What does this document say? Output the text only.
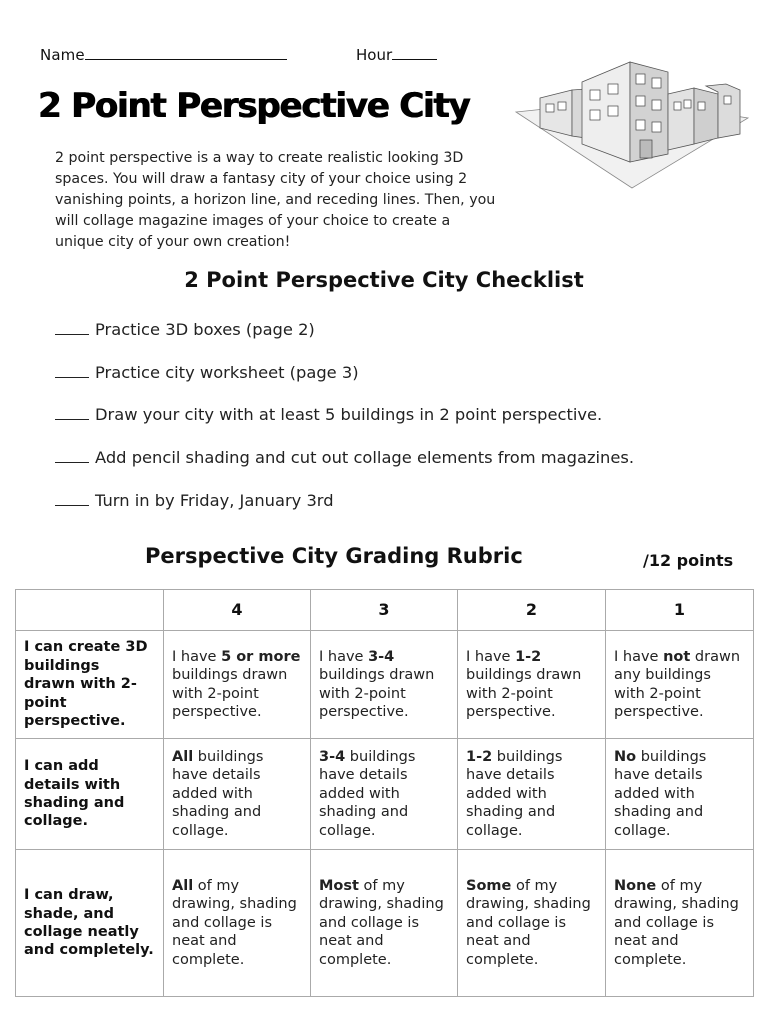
Name	Hour
2 Point Perspective City

2 point perspective is a way to create realistic looking 3D spaces. You will draw a fantasy city of your choice using 2 vanishing points, a horizon line, and receding lines. Then, you will collage magazine images of your choice to create a unique city of your own creation!

2 Point Perspective City Checklist
Practice 3D boxes (page 2)
Practice city worksheet (page 3)
Draw your city with at least 5 buildings in 2 point perspective.
Add pencil shading and cut out collage elements from magazines.
Turn in by Friday, January 3rd
Perspective City Grading Rubric	/12 points
	4	3	2	1
I can create 3D buildings drawn with 2-point perspective.	I have 5 or more buildings drawn with 2-point perspective.	I have 3-4 buildings drawn with 2-point perspective.	I have 1-2 buildings drawn with 2-point perspective.	I have not drawn any buildings with 2-point perspective.
I can add details with shading and collage.	All buildings have details added with shading and collage.	3-4 buildings have details added with shading and collage.	1-2 buildings have details added with shading and collage.	No buildings have details added with shading and collage.
I can draw, shade, and collage neatly and completely.	All of my drawing, shading and collage is neat and complete.	Most of my drawing, shading and collage is neat and complete.	Some of my drawing, shading and collage is neat and complete.	None of my drawing, shading and collage is neat and complete.
